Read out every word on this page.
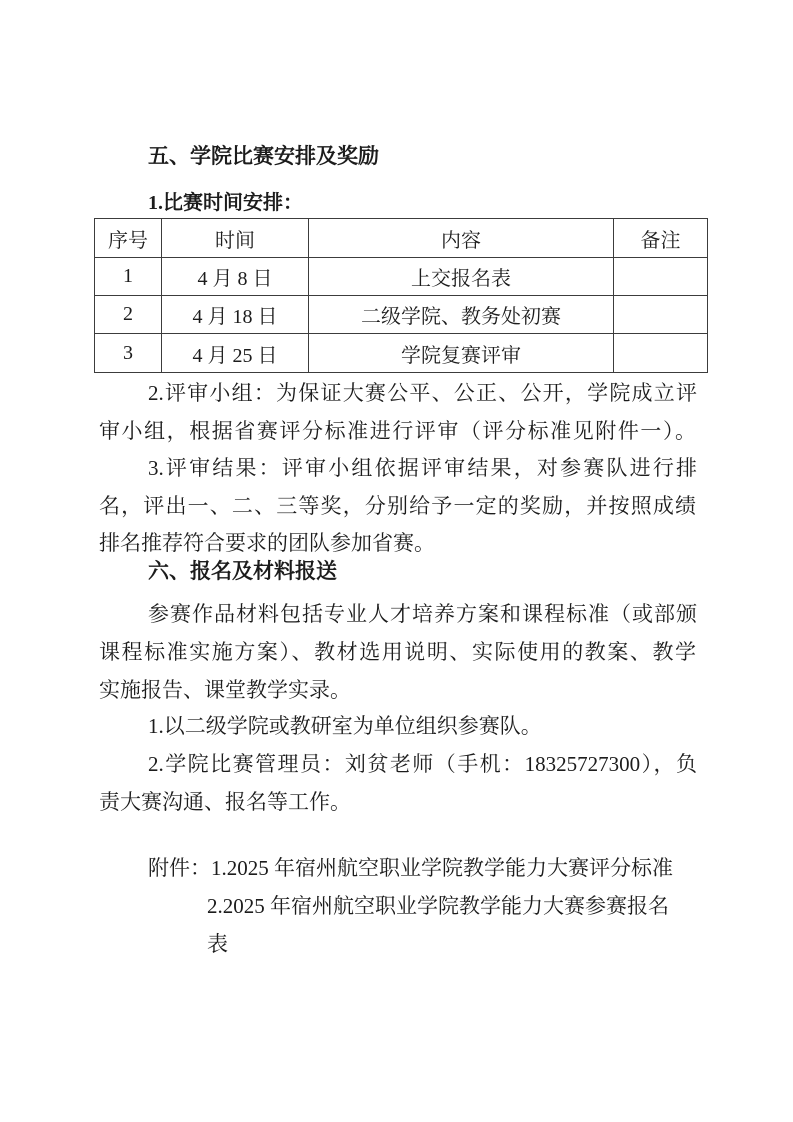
五、学院比赛安排及奖励
1.比赛时间安排：
序号	时间	内容	备注
1	4 月 8 日	上交报名表	
2	4 月 18 日	二级学院、教务处初赛	
3	4 月 25 日	学院复赛评审	
2.评审小组：为保证大赛公平、公正、公开，学院成立评
审小组，根据省赛评分标准进行评审（评分标准见附件一）。
3.评审结果：评审小组依据评审结果，对参赛队进行排
名，评出一、二、三等奖，分别给予一定的奖励，并按照成绩
排名推荐符合要求的团队参加省赛。
六、报名及材料报送
参赛作品材料包括专业人才培养方案和课程标准（或部颁
课程标准实施方案）、教材选用说明、实际使用的教案、教学
实施报告、课堂教学实录。
1.以二级学院或教研室为单位组织参赛队。
2.学院比赛管理员：刘贫老师（手机：18325727300），负
责大赛沟通、报名等工作。
附件：1.2025 年宿州航空职业学院教学能力大赛评分标准
2.2025 年宿州航空职业学院教学能力大赛参赛报名
表
